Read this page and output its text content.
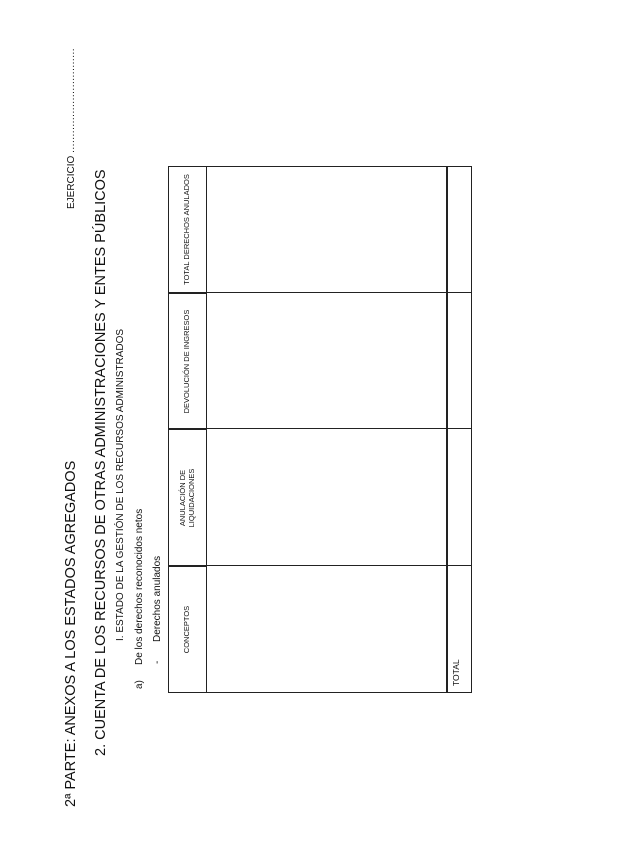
2ª PARTE: ANEXOS A LOS ESTADOS AGREGADOS
EJERCICIO ................................
2. CUENTA DE LOS RECURSOS DE OTRAS ADMINISTRACIONES Y ENTES PÚBLICOS I. ESTADO DE LA GESTIÓN DE LOS RECURSOS ADMINISTRADOS
a)De los derechos reconocidos netos -Derechos anulados	CONCEPTOS
ANULACIÓN DE LIQUIDACIONES
DEVOLUCIÓN DE INGRESOS
TOTAL DERECHOS ANULADOS
TOTAL
